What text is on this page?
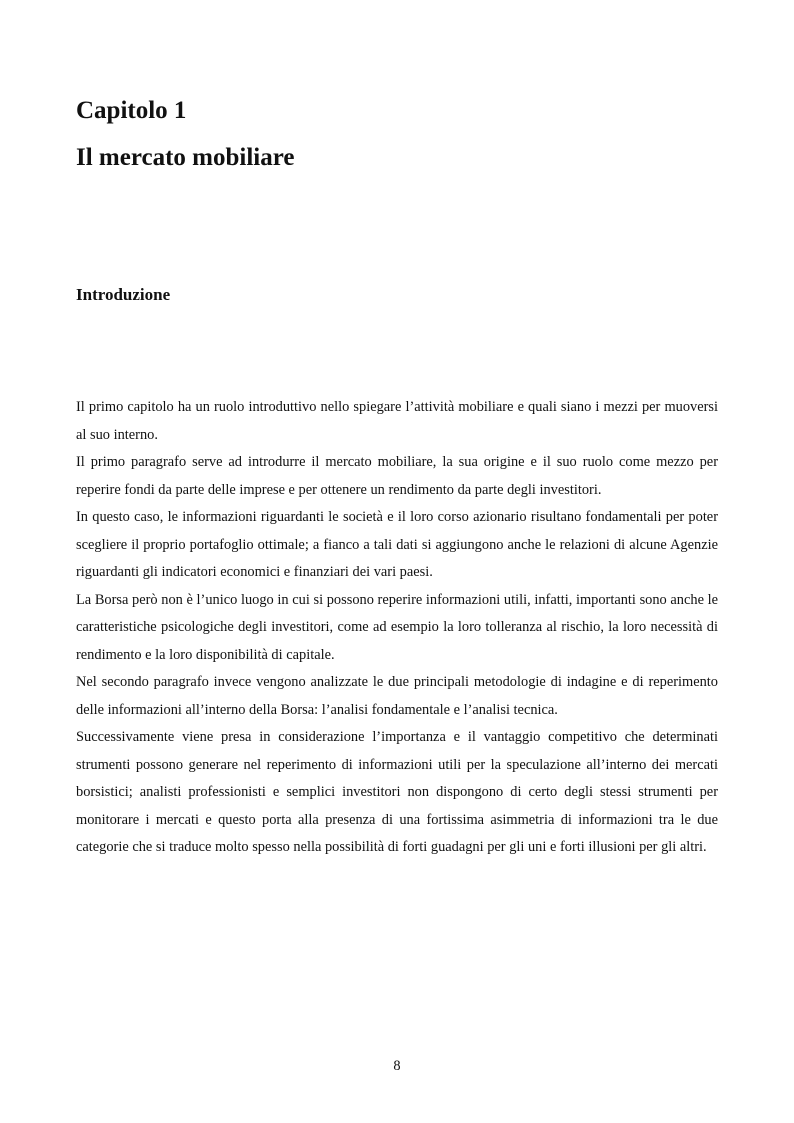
Capitolo 1
Il mercato mobiliare
Introduzione

Il primo capitolo ha un ruolo introduttivo nello spiegare l’attività mobiliare e quali siano i mezzi per muoversi al suo interno.

Il primo paragrafo serve ad introdurre il mercato mobiliare, la sua origine e il suo ruolo come mezzo per reperire fondi da parte delle imprese e per ottenere un rendimento da parte degli investitori.

In questo caso, le informazioni riguardanti le società e il loro corso azionario risultano fondamentali per poter scegliere il proprio portafoglio ottimale; a fianco a tali dati si aggiungono anche le relazioni di alcune Agenzie riguardanti gli indicatori economici e finanziari dei vari paesi.

La Borsa però non è l’unico luogo in cui si possono reperire informazioni utili, infatti, importanti sono anche le caratteristiche psicologiche degli investitori, come ad esempio la loro tolleranza al rischio, la loro necessità di rendimento e la loro disponibilità di capitale.

Nel secondo paragrafo invece vengono analizzate le due principali metodologie di indagine e di reperimento delle informazioni all’interno della Borsa: l’analisi fondamentale e l’analisi tecnica.

Successivamente viene presa in considerazione l’importanza e il vantaggio competitivo che determinati strumenti possono generare nel reperimento di informazioni utili per la speculazione all’interno dei mercati borsistici; analisti professionisti e semplici investitori non dispongono di certo degli stessi strumenti per monitorare i mercati e questo porta alla presenza di una fortissima asimmetria di informazioni tra le due categorie che si traduce molto spesso nella possibilità di forti guadagni per gli uni e forti illusioni per gli altri.

8
